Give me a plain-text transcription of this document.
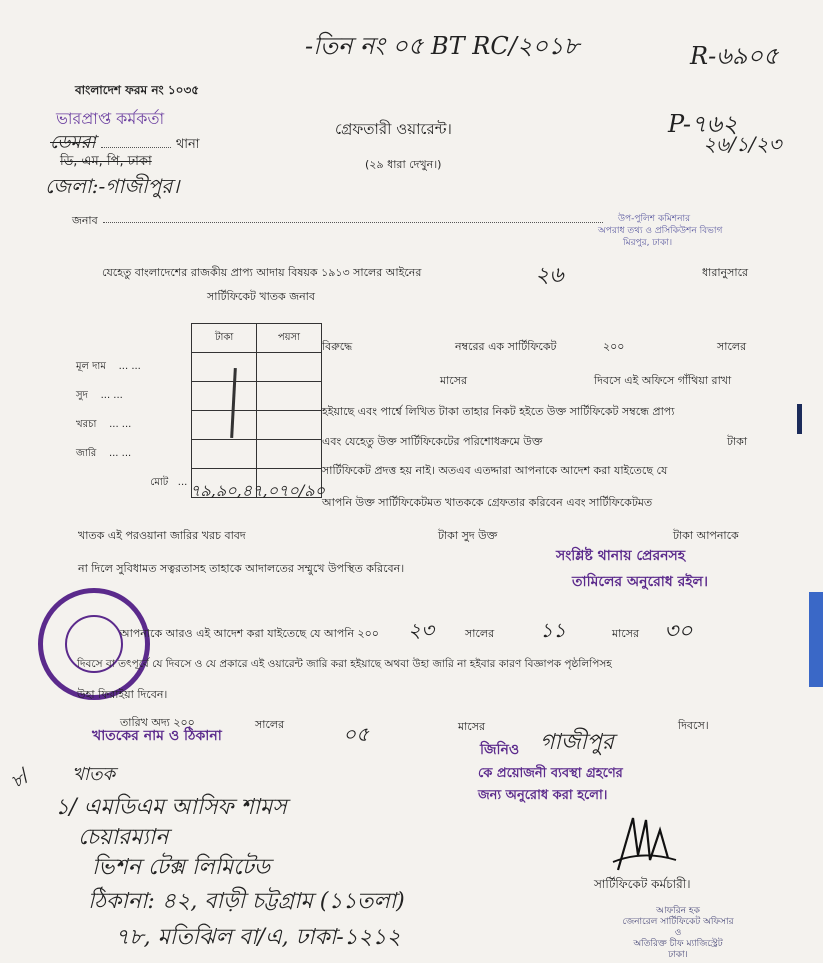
-তিন নং ০৫ BT RC/২০১৮	R-৬৯০৫
P-৭৬২
২৬/১/২৩
বাংলাদেশ ফরম নং ১০৩৫
ভারপ্রাপ্ত কর্মকর্তা
ডেমরা	থানা
ডি, এম, পি, ঢাকা
জেলা:-গাজীপুর।
গ্রেফতারী ওয়ারেন্ট।
(২৯ ধারা দেখুন।)
জনাব	উপ-পুলিশ কমিশনার
অপরাধ তথ্য ও প্রসিকিউশন বিভাগ
মিরপুর, ঢাকা।
যেহেতু বাংলাদেশের রাজকীয় প্রাপ্য আদায় বিষয়ক ১৯১৩ সালের আইনের	২৬	ধারানুসারে
সার্টিফিকেট খাতক জনাব
	টাকা	পয়সা
মূল দাম ... ...		
সুদ ... ...		
খরচা ... ...		
জারি ... ...		
মোট ...		৭৯,৯০,৪৭,০৭০/৯০
বিরুদ্ধে	নম্বরের এক সার্টিফিকেট	২০০	সালের
মাসের	দিবসে এই অফিসে গাঁথিয়া রাখা
হইয়াছে এবং পার্শ্বে লিখিত টাকা তাহার নিকট হইতে উক্ত সার্টিফিকেট সম্বন্ধে প্রাপ্য
এবং যেহেতু উক্ত সার্টিফিকেটের পরিশোধক্রমে উক্ত	টাকা
সার্টিফিকেট প্রদত্ত হয় নাই। অতএব এতদ্দারা আপনাকে আদেশ করা যাইতেছে যে
আপনি উক্ত সার্টিফিকেটমত খাতককে গ্রেফতার করিবেন এবং সার্টিফিকেটমত
খাতক এই পরওয়ানা জারির খরচ বাবদ	টাকা সুদ উক্ত	টাকা আপনাকে
না দিলে সুবিধামত সত্বরতাসহ তাহাকে আদালতের সম্মুখে উপস্থিত করিবেন।
সংশ্লিষ্ট থানায় প্রেরনসহ
তামিলের অনুরোধ রইল।
আপনাকে আরও এই আদেশ করা যাইতেছে যে আপনি ২০০ ২৩	সালের ১১	মাসের ৩০
দিবসে বা তৎপূর্বে যে দিবসে ও যে প্রকারে এই ওয়ারেন্ট জারি করা হইয়াছে অথবা উহা জারি না হইবার কারণ বিজ্ঞাপক পৃষ্ঠলিপিসহ
উহা ফিরাইয়া দিবেন।
তারিখ অদ্য ২০০	০৫
সালের	মাসের	দিবসে।
খাতকের নাম ও ঠিকানা
জিনিও গাজীপুর
কে প্রয়োজনী ব্যবস্থা গ্রহণের
জন্য অনুরোধ করা হলো।
৮/ খাতক
১/ এমডিএম আসিফ শামস
চেয়ারম্যান
ভিশন টেক্স লিমিটেড
ঠিকানা: ৪২, বাড়ী চট্টগ্রাম (১১তলা)
৭৮, মতিঝিল বা/এ, ঢাকা-১২১২
সার্টিফিকেট কর্মচারী।
আফরিন হক
জেনারেল সার্টিফিকেট অফিসার
ও
অতিরিক্ত চীফ ম্যাজিস্ট্রেট
ঢাকা।
